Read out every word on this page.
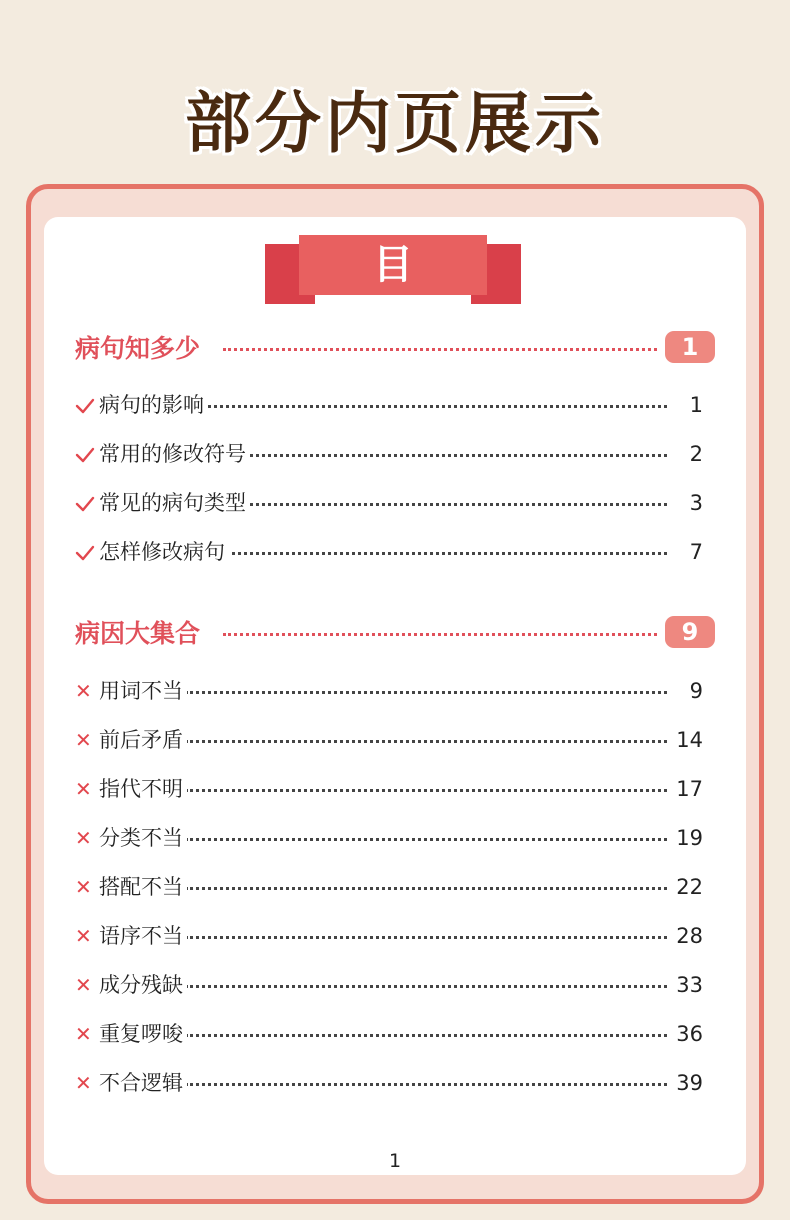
部分内页展示
目录
病句知多少	1
病句的影响	1
常用的修改符号	2
常见的病句类型	3
怎样修改病句	7
病因大集合	9
✕ 用词不当	9
✕ 前后矛盾	14
✕ 指代不明	17
✕ 分类不当	19
✕ 搭配不当	22
✕ 语序不当	28
✕ 成分残缺	33
✕ 重复啰唆	36
✕ 不合逻辑	39
1
